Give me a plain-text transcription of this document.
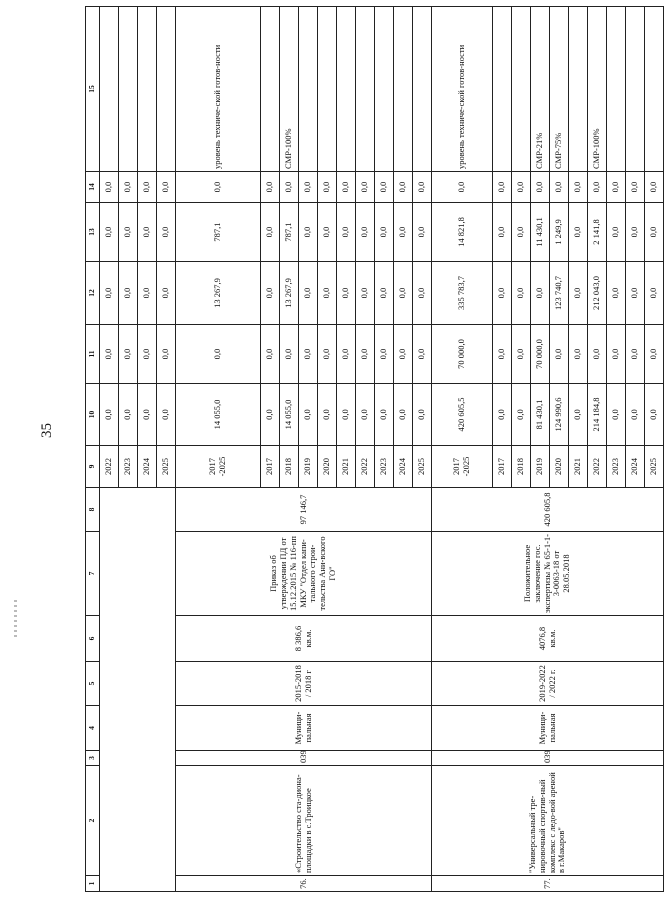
35
1	2	3	4	5	6	7	8	9	10	11	12	13	14	15
								2022	0,0	0,0	0,0	0,0	0,0	
								2023	0,0	0,0	0,0	0,0	0,0	
								2024	0,0	0,0	0,0	0,0	0,0	
								2025	0,0	0,0	0,0	0,0	0,0	
76.	«Строительство ста-диона-площадки в с.Троицкое	039	Муници-пальная	2015-2018 / 2018 г	8 386,6 кв.м.	Приказ об утверждении ПД от 15.12.2015 № 116-пп МКУ "Отдел капи-тального строи-тельства Ани-вского ГО"	97 146,7	2017 -2025	14 055,0	0,0	13 267,9	787,1	0,0	уровень техниче-ской готов-ности
								2017	0,0	0,0	0,0	0,0	0,0	
								2018	14 055,0	0,0	13 267,9	787,1	0,0	СМР-100%
								2019	0,0	0,0	0,0	0,0	0,0	
								2020	0,0	0,0	0,0	0,0	0,0	
								2021	0,0	0,0	0,0	0,0	0,0	
								2022	0,0	0,0	0,0	0,0	0,0	
								2023	0,0	0,0	0,0	0,0	0,0	
								2024	0,0	0,0	0,0	0,0	0,0	
								2025	0,0	0,0	0,0	0,0	0,0	
77.	"Универсальный тре-нировочный спортив-ный комплекс с ледо-вой ареной в г.Макаров"	039	Муници-пальная	2019-2022 / 2022 г.	4076,8 кв.м.	Положительное заключение гос. экспертизы № 65-1-1-3-0063-18 от 28.05.2018	420 605,8	2017 -2025	420 605,5	70 000,0	335 783,7	14 821,8	0,0	уровень техниче-ской готов-ности
								2017	0,0	0,0	0,0	0,0	0,0	
								2018	0,0	0,0	0,0	0,0	0,0	
								2019	81 430,1	70 000,0	0,0	11 430,1	0,0	СМР-21%
								2020	124 990,6	0,0	123 740,7	1 249,9	0,0	СМР-75%
								2021	0,0	0,0	0,0	0,0	0,0	
								2022	214 184,8	0,0	212 043,0	2 141,8	0,0	СМР-100%
								2023	0,0	0,0	0,0	0,0	0,0	
								2024	0,0	0,0	0,0	0,0	0,0	
								2025	0,0	0,0	0,0	0,0	0,0	
